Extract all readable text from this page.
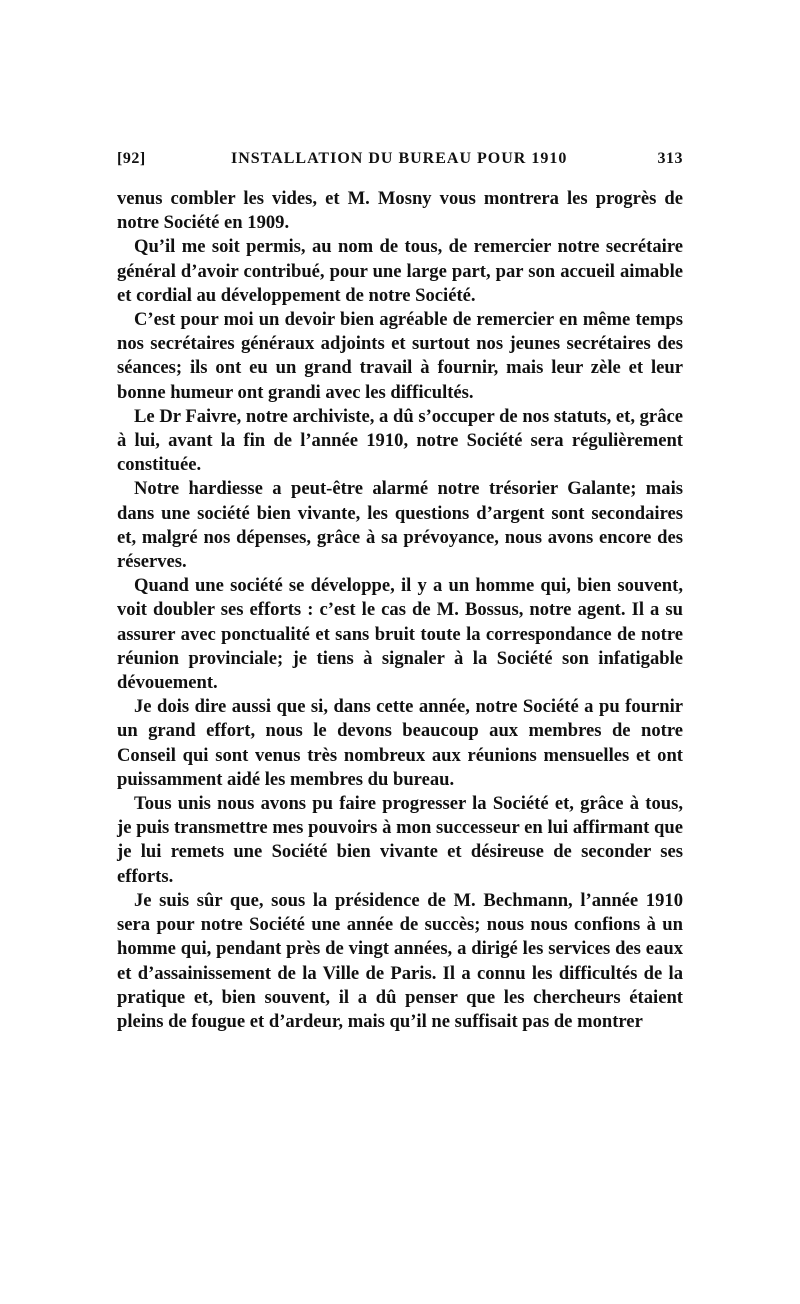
[92]	INSTALLATION DU BUREAU POUR 1910	313

venus combler les vides, et M. Mosny vous montrera les progrès de notre Société en 1909.

Qu’il me soit permis, au nom de tous, de remercier notre secrétaire général d’avoir contribué, pour une large part, par son accueil aimable et cordial au développement de notre Société.

C’est pour moi un devoir bien agréable de remercier en même temps nos secrétaires généraux adjoints et surtout nos jeunes secrétaires des séances; ils ont eu un grand travail à fournir, mais leur zèle et leur bonne humeur ont grandi avec les difficultés.

Le Dr Faivre, notre archiviste, a dû s’occuper de nos statuts, et, grâce à lui, avant la fin de l’année 1910, notre Société sera régulièrement constituée.

Notre hardiesse a peut-être alarmé notre trésorier Galante; mais dans une société bien vivante, les questions d’argent sont secondaires et, malgré nos dépenses, grâce à sa prévoyance, nous avons encore des réserves.

Quand une société se développe, il y a un homme qui, bien souvent, voit doubler ses efforts : c’est le cas de M. Bossus, notre agent. Il a su assurer avec ponctualité et sans bruit toute la correspondance de notre réunion provinciale; je tiens à signaler à la Société son infatigable dévouement.

Je dois dire aussi que si, dans cette année, notre Société a pu fournir un grand effort, nous le devons beaucoup aux membres de notre Conseil qui sont venus très nombreux aux réunions mensuelles et ont puissamment aidé les membres du bureau.

Tous unis nous avons pu faire progresser la Société et, grâce à tous, je puis transmettre mes pouvoirs à mon successeur en lui affirmant que je lui remets une Société bien vivante et désireuse de seconder ses efforts.

Je suis sûr que, sous la présidence de M. Bechmann, l’année 1910 sera pour notre Société une année de succès; nous nous confions à un homme qui, pendant près de vingt années, a dirigé les services des eaux et d’assainissement de la Ville de Paris. Il a connu les difficultés de la pratique et, bien souvent, il a dû penser que les chercheurs étaient pleins de fougue et d’ardeur, mais qu’il ne suffisait pas de montrer
